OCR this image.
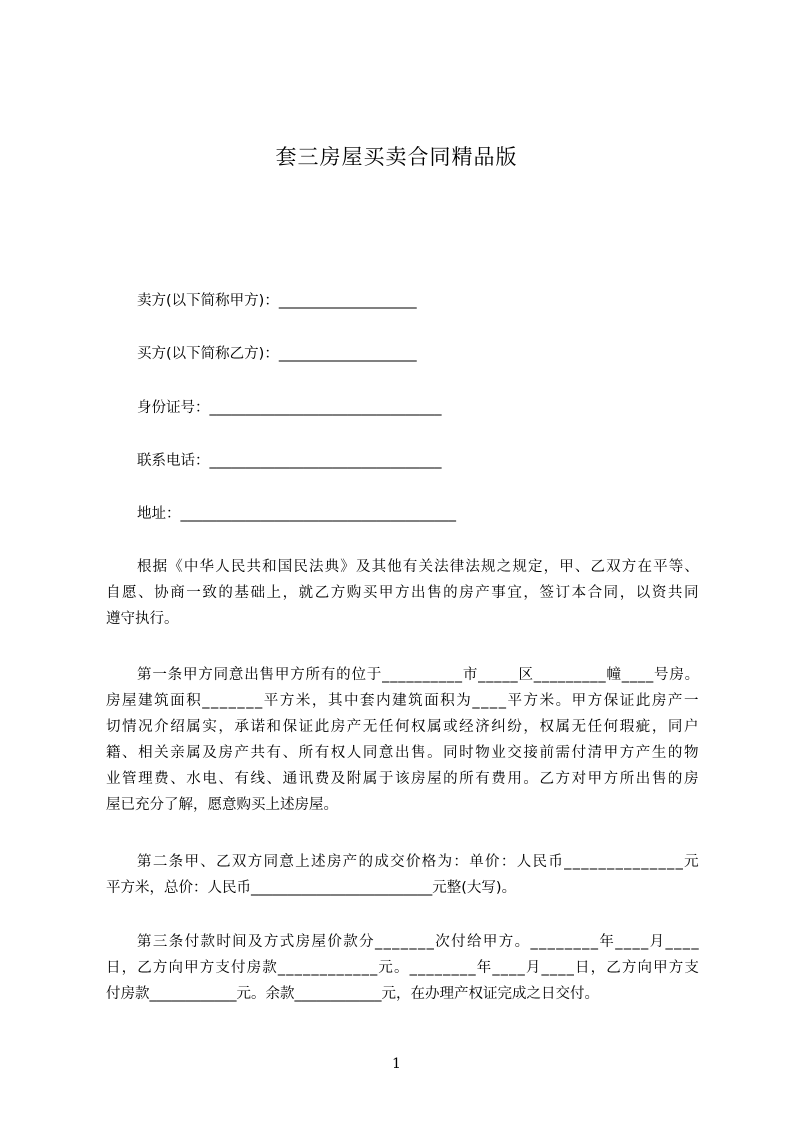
套三房屋买卖合同精品版
卖方(以下简称甲方)：___________________
买方(以下简称乙方)：___________________
身份证号：________________________________
联系电话：________________________________
地址：______________________________________
根据《中华人民共和国民法典》及其他有关法律法规之规定，甲、乙双方在平等、
自愿、协商一致的基础上，就乙方购买甲方出售的房产事宜，签订本合同，以资共同
遵守执行。
第一条甲方同意出售甲方所有的位于__________市_____区_________幢____号房。
房屋建筑面积_______平方米，其中套内建筑面积为____平方米。甲方保证此房产一
切情况介绍属实，承诺和保证此房产无任何权属或经济纠纷，权属无任何瑕疵，同户
籍、相关亲属及房产共有、所有权人同意出售。同时物业交接前需付清甲方产生的物
业管理费、水电、有线、通讯费及附属于该房屋的所有费用。乙方对甲方所出售的房
屋已充分了解，愿意购买上述房屋。
第二条甲、乙双方同意上述房产的成交价格为：单价：人民币______________元
平方米，总价：人民币_________________________元整(大写)。
第三条付款时间及方式房屋价款分_______次付给甲方。________年____月____
日，乙方向甲方支付房款____________元。________年____月____日，乙方向甲方支
付房款____________元。余款____________元，在办理产权证完成之日交付。
1
